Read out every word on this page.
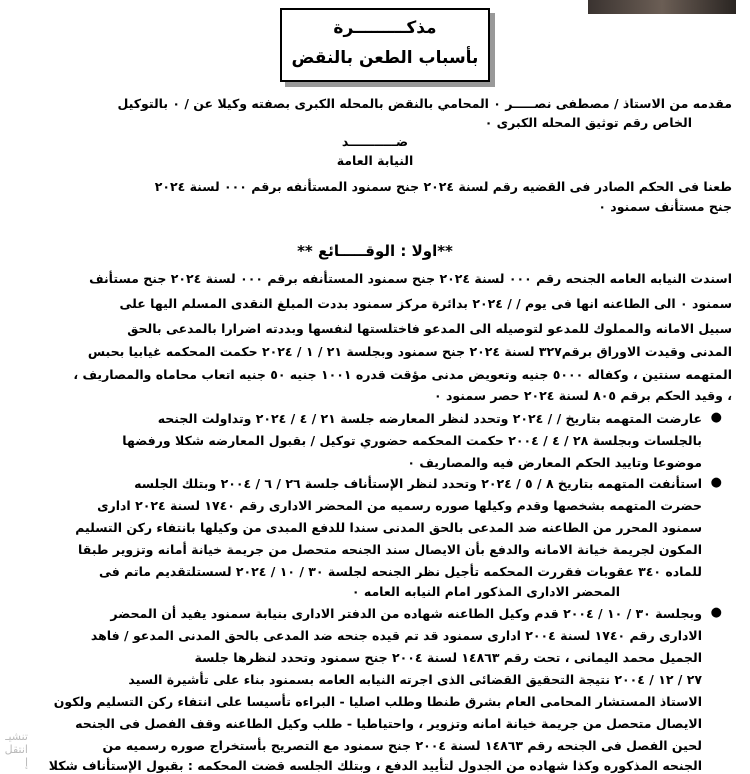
مذكـــــــــرة
بأسباب الطعن بالنقض
مقدمه من الاستاذ / مصطفى نصـــــر ٠ المحامي بالنقض بالمحله الكبرى بصفته وكيلا عن / ٠ بالتوكيل
الخاص رقم توثيق المحله الكبرى ٠
ضـــــــــــد
النيابة العامة
طعنا فى الحكم الصادر فى القضيه رقم لسنة ٢٠٢٤ جنح سمنود المستأنفه برقم ٠٠٠ لسنة ٢٠٢٤
جنح مستأنف سمنود ٠
**اولا : الوقـــــائع **
اسندت النيابه العامه الجنحه رقم ٠٠٠ لسنة ٢٠٢٤ جنح سمنود المستأنفه برقم ٠٠٠ لسنة ٢٠٢٤ جنح مستأنف
سمنود ٠ الى الطاعنه انها فى يوم / / ٢٠٢٤ بدائرة مركز سمنود بددت المبلغ النقدى المسلم اليها على
سبيل الامانه والمملوك للمدعو لتوصيله الى المدعو فاختلستها لنفسها وبددته اضرارا بالمدعى بالحق
المدنى وقيدت الاوراق برقم٣٢٧ لسنة ٢٠٢٤ جنح سمنود وبجلسة ٢١ / ١ / ٢٠٢٤ حكمت المحكمه غيابيا بحبس
المتهمه سنتين ، وكفاله ٥٠٠٠ جنيه وتعويض مدنى مؤقت قدره ١٠٠١ جنيه ٥٠ جنيه اتعاب محاماه والمصاريف ،
، وقيد الحكم برقم ٨٠٥ لسنة ٢٠٢٤ حصر سمنود ٠
●
عارضت المتهمه بتاريخ / / ٢٠٢٤ وتحدد لنظر المعارضه جلسة ٢١ / ٤ / ٢٠٢٤ وتداولت الجنحه
بالجلسات وبجلسة ٢٨ / ٤ / ٢٠٠٤ حكمت المحكمه حضوري توكيل / بقبول المعارضه شكلا ورفضها
موضوعا وتاييد الحكم المعارض فيه والمصاريف ٠
●
استأنفت المتهمه بتاريخ ٨ / ٥ / ٢٠٢٤ وتحدد لنظر الإستأناف جلسة ٢٦ / ٦ / ٢٠٠٤ وبتلك الجلسه
حضرت المتهمه بشخصها وقدم وكيلها صوره رسميه من المحضر الادارى رقم ١٧٤٠ لسنة ٢٠٢٤ ادارى
سمنود المحرر من الطاعنه ضد المدعى بالحق المدنى سندا للدفع المبدى من وكيلها بانتفاء ركن التسليم
المكون لجريمة خيانة الامانه والدفع بأن الايصال سند الجنحه متحصل من جريمة خيانة أمانه وتزوير طبقا
للماده ٣٤٠ عقوبات فقررت المحكمه تأجيل نظر الجنحه لجلسة ٣٠ / ١٠ / ٢٠٢٤ لسستلتقديم ماتم فى
المحضر الادارى المذكور امام النيابه العامه ٠
●
وبجلسة ٣٠ / ١٠ / ٢٠٠٤ قدم وكيل الطاعنه شهاده من الدفتر الادارى بنيابة سمنود يفيد أن المحضر
الادارى رقم ١٧٤٠ لسنة ٢٠٠٤ ادارى سمنود قد تم قيده جنحه ضد المدعى بالحق المدنى المدعو / فاهد
الجميل محمد اليمانى ، تحت رقم ١٤٨٦٣ لسنة ٢٠٠٤ جنح سمنود وتحدد لنظرها جلسة
٢٧ / ١٢ / ٢٠٠٤ نتيجة التحقيق القضائى الذى اجرته النيابه العامه بسمنود بناء على تأشيرة السيد
الاستاذ المستشار المحامى العام بشرق طنطا وطلب اصليا - البراءه تأسيسا على انتفاء ركن التسليم ولكون
الايصال متحصل من جريمة خيانة امانه وتزوير ، واحتياطيا - طلب وكيل الطاعنه وقف الفصل فى الجنحه
لحين الفصل فى الجنحه رقم ١٤٨٦٣ لسنة ٢٠٠٤ جنح سمنود مع التصريح بأستخراج صوره رسميه من
الجنحه المذكوره وكذا شهاده من الجدول لتأييد الدفع ، وبتلك الجلسه قضت المحكمه : بقبول الإستأناف شكلا
تنشيـ انتقل إ
